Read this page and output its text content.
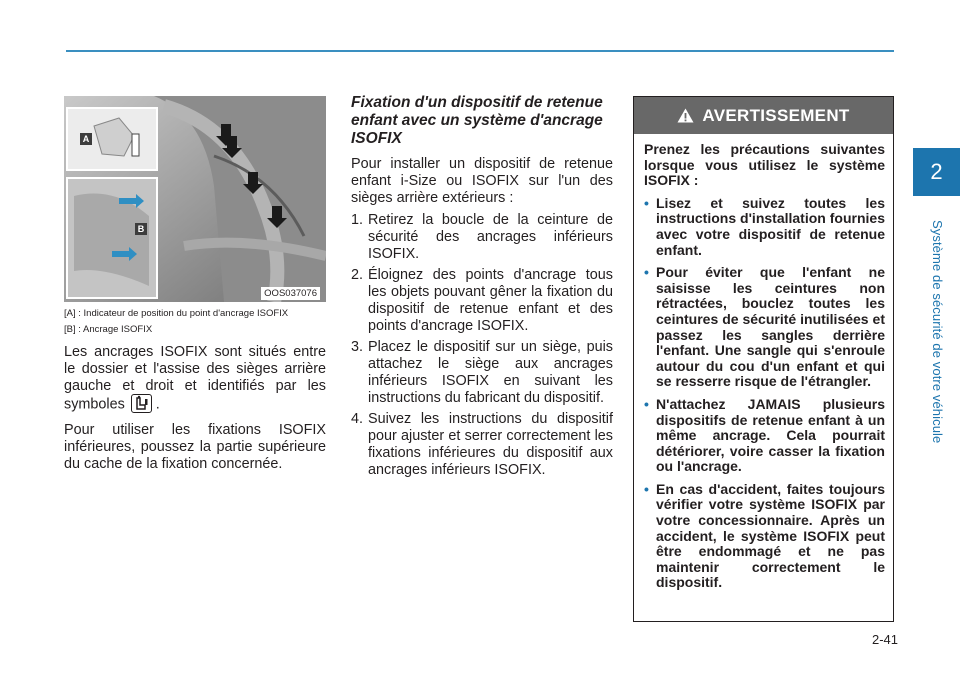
2
Système de sécurité de votre véhicule
2-41
A
B
OOS037076
[A] : Indicateur de position du point d'ancrage ISOFIX
[B] : Ancrage ISOFIX

Les ancrages ISOFIX sont situés entre le dossier et l'assise des sièges arrière gauche et droit et identifiés par les symboles .

Pour utiliser les fixations ISOFIX inférieures, poussez la partie supérieure du cache de la fixation concernée.

Fixation d'un dispositif de retenue enfant avec un système d'ancrage ISOFIX

Pour installer un dispositif de retenue enfant i-Size ou ISOFIX sur l'un des sièges arrière extérieurs :

1. Retirez la boucle de la ceinture de sécurité des ancrages inférieurs ISOFIX.
2. Éloignez des points d'ancrage tous les objets pouvant gêner la fixation du dispositif de retenue enfant et des points d'ancrage ISOFIX.
3. Placez le dispositif sur un siège, puis attachez le siège aux ancrages inférieurs ISOFIX en suivant les instructions du fabricant du dispositif.
4. Suivez les instructions du dispositif pour ajuster et serrer correctement les fixations inférieures du dispositif aux ancrages inférieurs ISOFIX.
AVERTISSEMENT

Prenez les précautions suivantes lorsque vous utilisez le système ISOFIX :

• Lisez et suivez toutes les instructions d'installation fournies avec votre dispositif de retenue enfant.
• Pour éviter que l'enfant ne saisisse les ceintures non rétractées, bouclez toutes les ceintures de sécurité inutilisées et passez les sangles derrière l'enfant. Une sangle qui s'enroule autour du cou d'un enfant et qui se resserre risque de l'étrangler.
• N'attachez JAMAIS plusieurs dispositifs de retenue enfant à un même ancrage. Cela pourrait détériorer, voire casser la fixation ou l'ancrage.
• En cas d'accident, faites toujours vérifier votre système ISOFIX par votre concessionnaire. Après un accident, le système ISOFIX peut être endommagé et ne pas maintenir correctement le dispositif.
